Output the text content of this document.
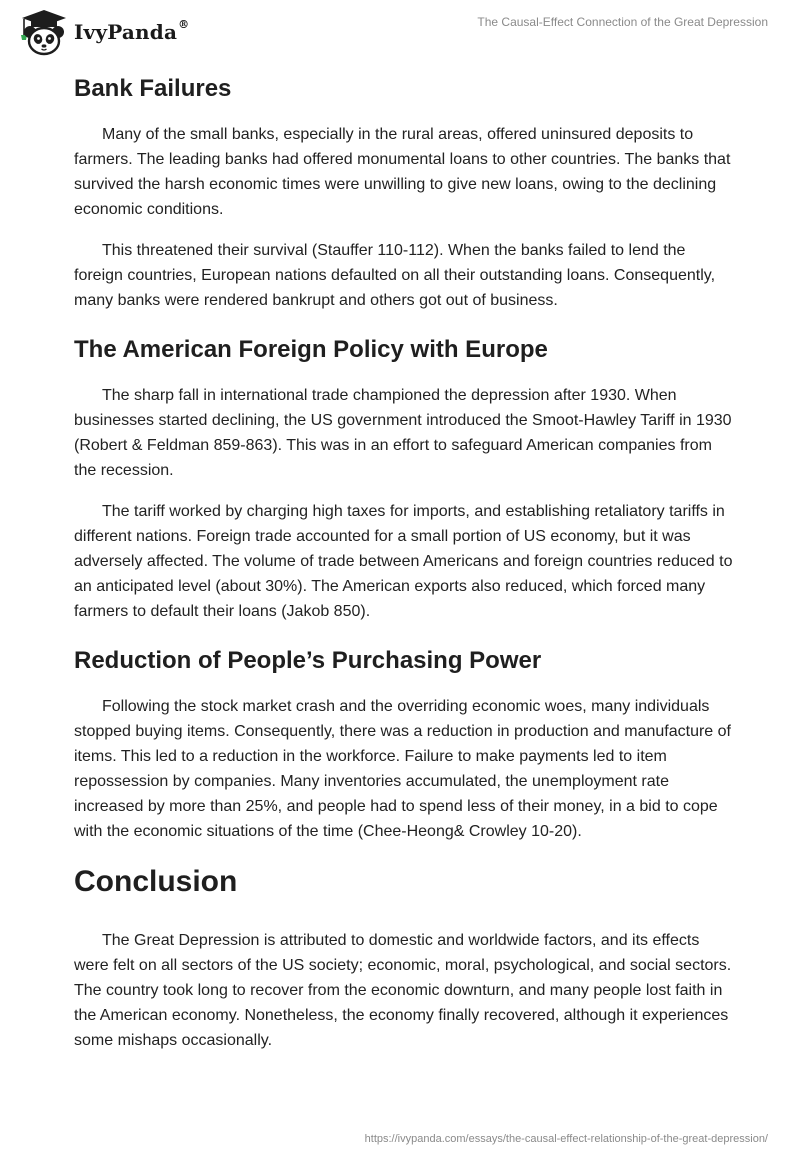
IvyPanda®	The Causal-Effect Connection of the Great Depression
Bank Failures

Many of the small banks, especially in the rural areas, offered uninsured deposits to farmers. The leading banks had offered monumental loans to other countries. The banks that survived the harsh economic times were unwilling to give new loans, owing to the declining economic conditions.

This threatened their survival (Stauffer 110-112). When the banks failed to lend the foreign countries, European nations defaulted on all their outstanding loans. Consequently, many banks were rendered bankrupt and others got out of business.

The American Foreign Policy with Europe

The sharp fall in international trade championed the depression after 1930. When businesses started declining, the US government introduced the Smoot-Hawley Tariff in 1930 (Robert & Feldman 859-863). This was in an effort to safeguard American companies from the recession.

The tariff worked by charging high taxes for imports, and establishing retaliatory tariffs in different nations. Foreign trade accounted for a small portion of US economy, but it was adversely affected. The volume of trade between Americans and foreign countries reduced to an anticipated level (about 30%). The American exports also reduced, which forced many farmers to default their loans (Jakob 850).

Reduction of People’s Purchasing Power

Following the stock market crash and the overriding economic woes, many individuals stopped buying items. Consequently, there was a reduction in production and manufacture of items. This led to a reduction in the workforce. Failure to make payments led to item repossession by companies. Many inventories accumulated, the unemployment rate increased by more than 25%, and people had to spend less of their money, in a bid to cope with the economic situations of the time (Chee-Heong& Crowley 10-20).

Conclusion

The Great Depression is attributed to domestic and worldwide factors, and its effects were felt on all sectors of the US society; economic, moral, psychological, and social sectors. The country took long to recover from the economic downturn, and many people lost faith in the American economy. Nonetheless, the economy finally recovered, although it experiences some mishaps occasionally.

https://ivypanda.com/essays/the-causal-effect-relationship-of-the-great-depression/
